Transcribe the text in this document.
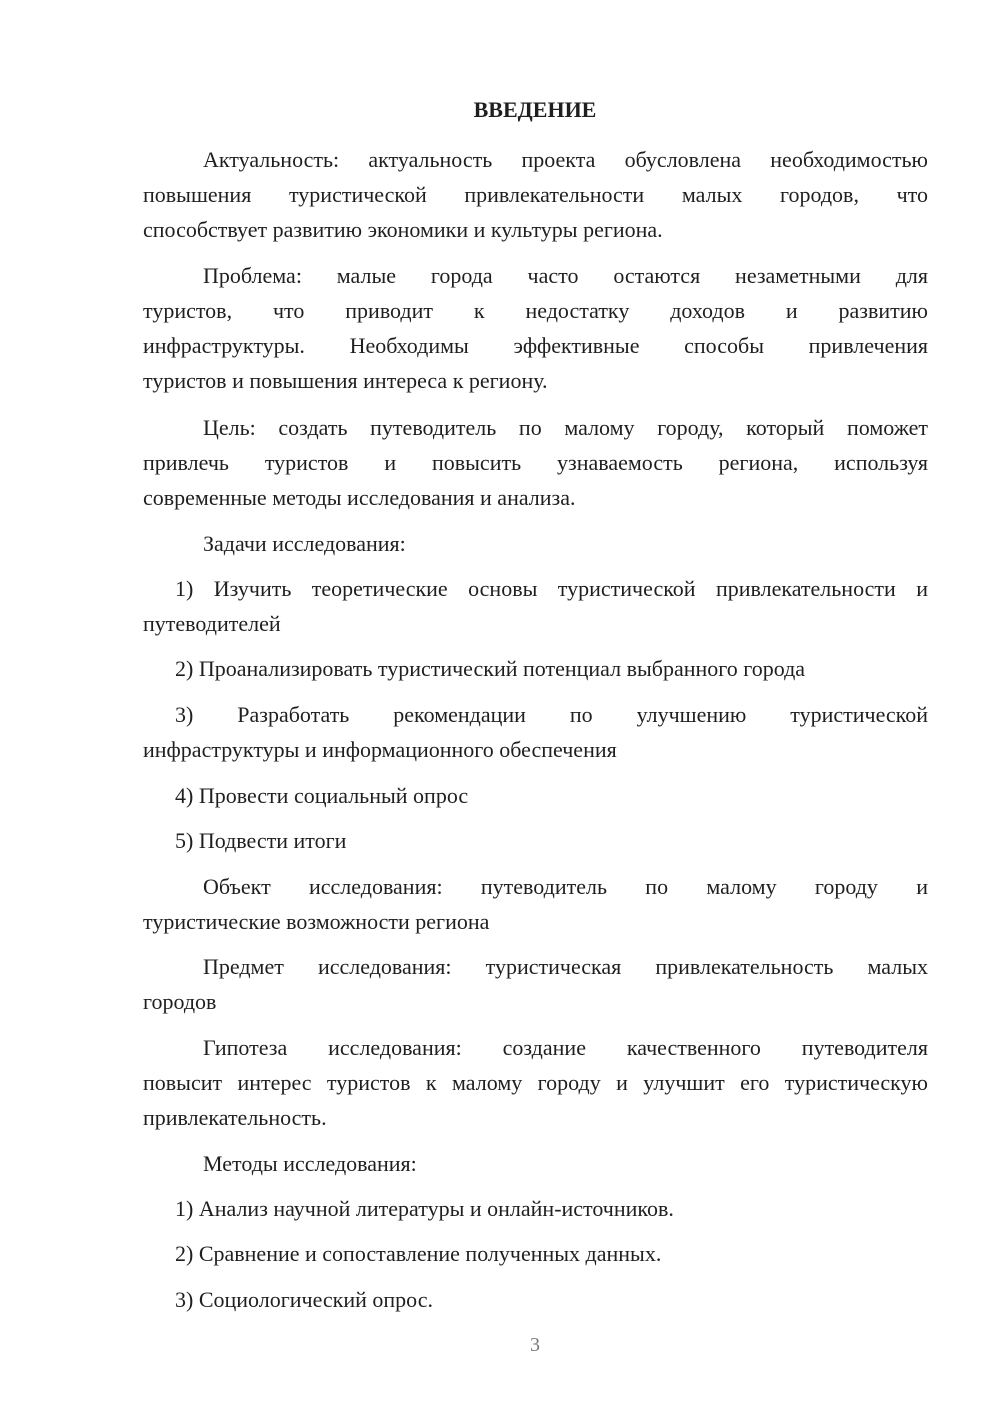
ВВЕДЕНИЕ
Актуальность: актуальность проекта обусловлена необходимостью
повышения туристической привлекательности малых городов, что
способствует развитию экономики и культуры региона.
Проблема: малые города часто остаются незаметными для
туристов, что приводит к недостатку доходов и развитию
инфраструктуры. Необходимы эффективные способы привлечения
туристов и повышения интереса к региону.
Цель: создать путеводитель по малому городу, который поможет
привлечь туристов и повысить узнаваемость региона, используя
современные методы исследования и анализа.
Задачи исследования:
1) Изучить теоретические основы туристической привлекательности и
путеводителей
2) Проанализировать туристический потенциал выбранного города
3) Разработать рекомендации по улучшению туристической
инфраструктуры и информационного обеспечения
4) Провести социальный опрос
5) Подвести итоги
Объект исследования: путеводитель по малому городу и
туристические возможности региона
Предмет исследования: туристическая привлекательность малых
городов
Гипотеза исследования: создание качественного путеводителя
повысит интерес туристов к малому городу и улучшит его туристическую
привлекательность.
Методы исследования:
1) Анализ научной литературы и онлайн-источников.
2) Сравнение и сопоставление полученных данных.
3) Социологический опрос.
3
